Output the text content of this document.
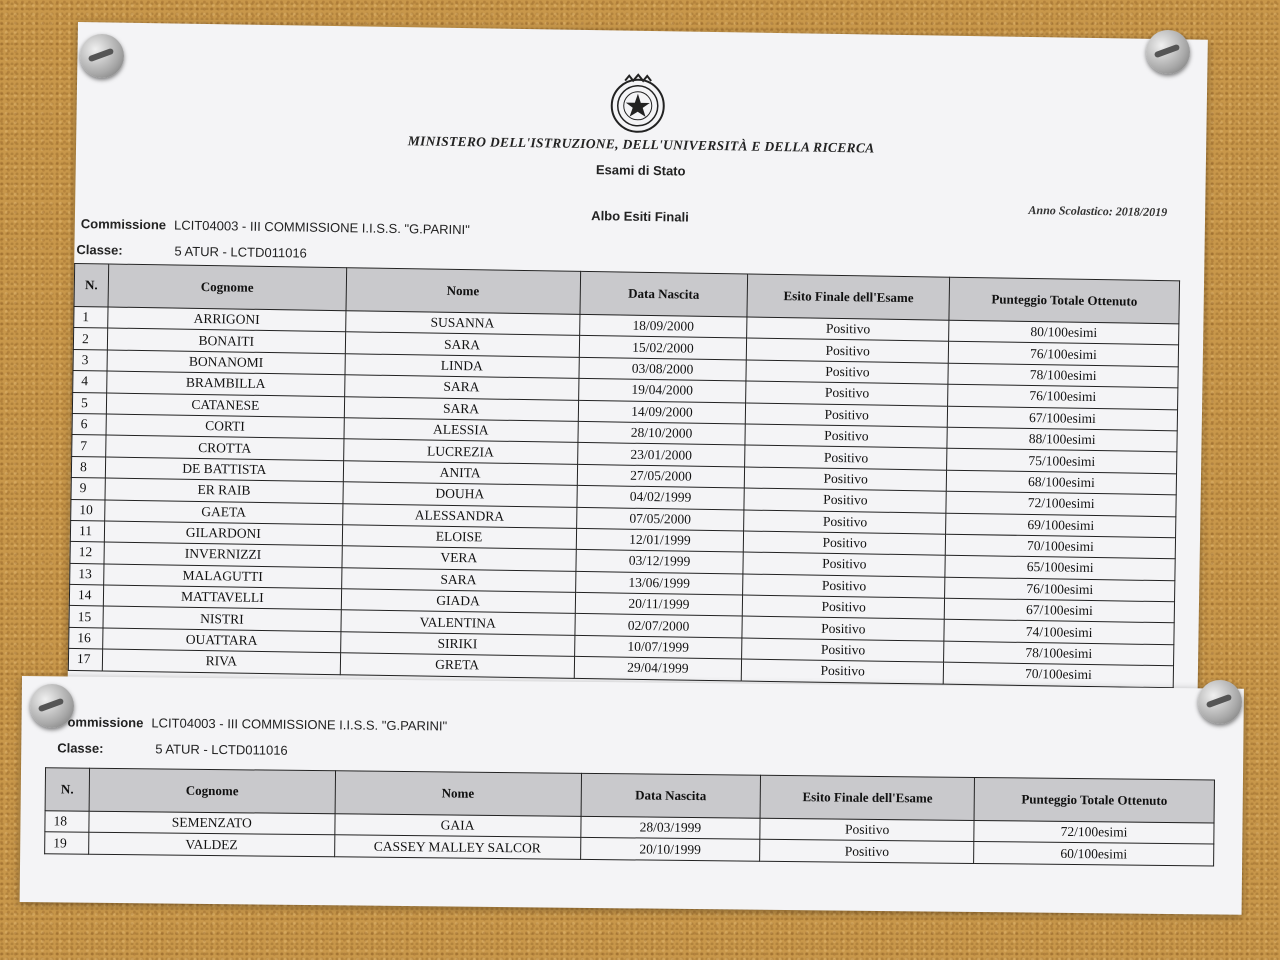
MINISTERO DELL'ISTRUZIONE, DELL'UNIVERSITÀ E DELLA RICERCA
Esami di Stato
Anno Scolastico: 2018/2019
Albo Esiti Finali
Commissione LCIT04003 - III COMMISSIONE I.I.S.S. "G.PARINI"
Classe:	5 ATUR - LCTD011016
N.	Cognome	Nome	Data Nascita	Esito Finale dell'Esame	Punteggio Totale Ottenuto
1	ARRIGONI	SUSANNA	18/09/2000	Positivo	80/100esimi
2	BONAITI	SARA	15/02/2000	Positivo	76/100esimi
3	BONANOMI	LINDA	03/08/2000	Positivo	78/100esimi
4	BRAMBILLA	SARA	19/04/2000	Positivo	76/100esimi
5	CATANESE	SARA	14/09/2000	Positivo	67/100esimi
6	CORTI	ALESSIA	28/10/2000	Positivo	88/100esimi
7	CROTTA	LUCREZIA	23/01/2000	Positivo	75/100esimi
8	DE BATTISTA	ANITA	27/05/2000	Positivo	68/100esimi
9	ER RAIB	DOUHA	04/02/1999	Positivo	72/100esimi
10	GAETA	ALESSANDRA	07/05/2000	Positivo	69/100esimi
11	GILARDONI	ELOISE	12/01/1999	Positivo	70/100esimi
12	INVERNIZZI	VERA	03/12/1999	Positivo	65/100esimi
13	MALAGUTTI	SARA	13/06/1999	Positivo	76/100esimi
14	MATTAVELLI	GIADA	20/11/1999	Positivo	67/100esimi
15	NISTRI	VALENTINA	02/07/2000	Positivo	74/100esimi
16	OUATTARA	SIRIKI	10/07/1999	Positivo	78/100esimi
17	RIVA	GRETA	29/04/1999	Positivo	70/100esimi
ommissione LCIT04003 - III COMMISSIONE I.I.S.S. "G.PARINI"
Classe:	5 ATUR - LCTD011016
N.	Cognome	Nome	Data Nascita	Esito Finale dell'Esame	Punteggio Totale Ottenuto
18	SEMENZATO	GAIA	28/03/1999	Positivo	72/100esimi
19	VALDEZ	CASSEY MALLEY SALCOR	20/10/1999	Positivo	60/100esimi
